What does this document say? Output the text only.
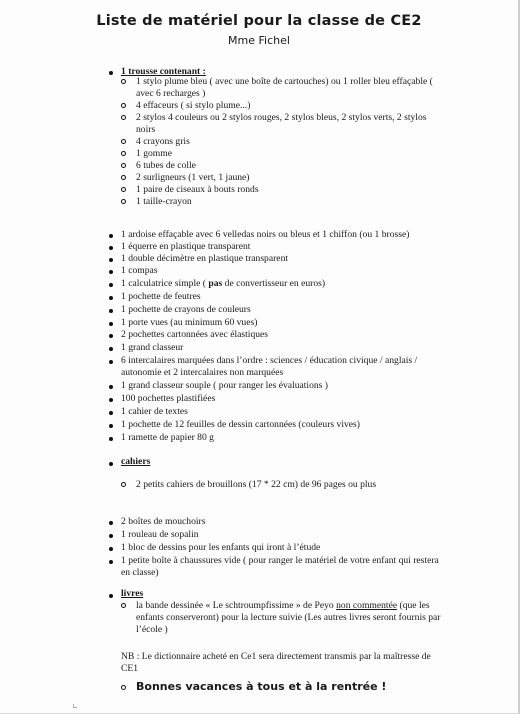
Liste de matériel pour la classe de CE2
Mme Fichel
1 trousse contenant :
1 stylo plume bleu ( avec une boîte de cartouches) ou 1 roller bleu effaçable (
avec 6 recharges )
4 effaceurs ( si stylo plume...)
2 stylos 4 couleurs ou 2 stylos rouges, 2 stylos bleus, 2 stylos verts, 2 stylos
noirs
4 crayons gris
1 gomme
6 tubes de colle
2 surligneurs (1 vert, 1 jaune)
1 paire de ciseaux à bouts ronds
1 taille-crayon
1 ardoise effaçable avec 6 velledas noirs ou bleus et 1 chiffon (ou 1 brosse)
1 équerre en plastique transparent
1 double décimètre en plastique transparent
1 compas
1 calculatrice simple ( pas de convertisseur en euros)
1 pochette de feutres
1 pochette de crayons de couleurs
1 porte vues (au minimum 60 vues)
2 pochettes cartonnées avec élastiques
1 grand classeur
6 intercalaires marquées dans l’ordre : sciences / éducation civique / anglais /
autonomie et 2 intercalaires non marquées
1 grand classeur souple ( pour ranger les évaluations )
100 pochettes plastifiées
1 cahier de textes
1 pochette de 12 feuilles de dessin cartonnées (couleurs vives)
1 ramette de papier 80 g
cahiers
2 petits cahiers de brouillons (17 * 22 cm) de 96 pages ou plus
2 boîtes de mouchoirs
1 rouleau de sopalin
1 bloc de dessins pour les enfants qui iront à l’étude
1 petite boîte à chaussures vide ( pour ranger le matériel de votre enfant qui restera
en classe)
livres
la bande dessinée « Le schtroumpfissime » de Peyo non commentée (que les
enfants conserveront) pour la lecture suivie (Les autres livres seront fournis par
l’école )
NB : Le dictionnaire acheté en Ce1 sera directement transmis par la maîtresse de
CE1
Bonnes vacances à tous et à la rentrée !
